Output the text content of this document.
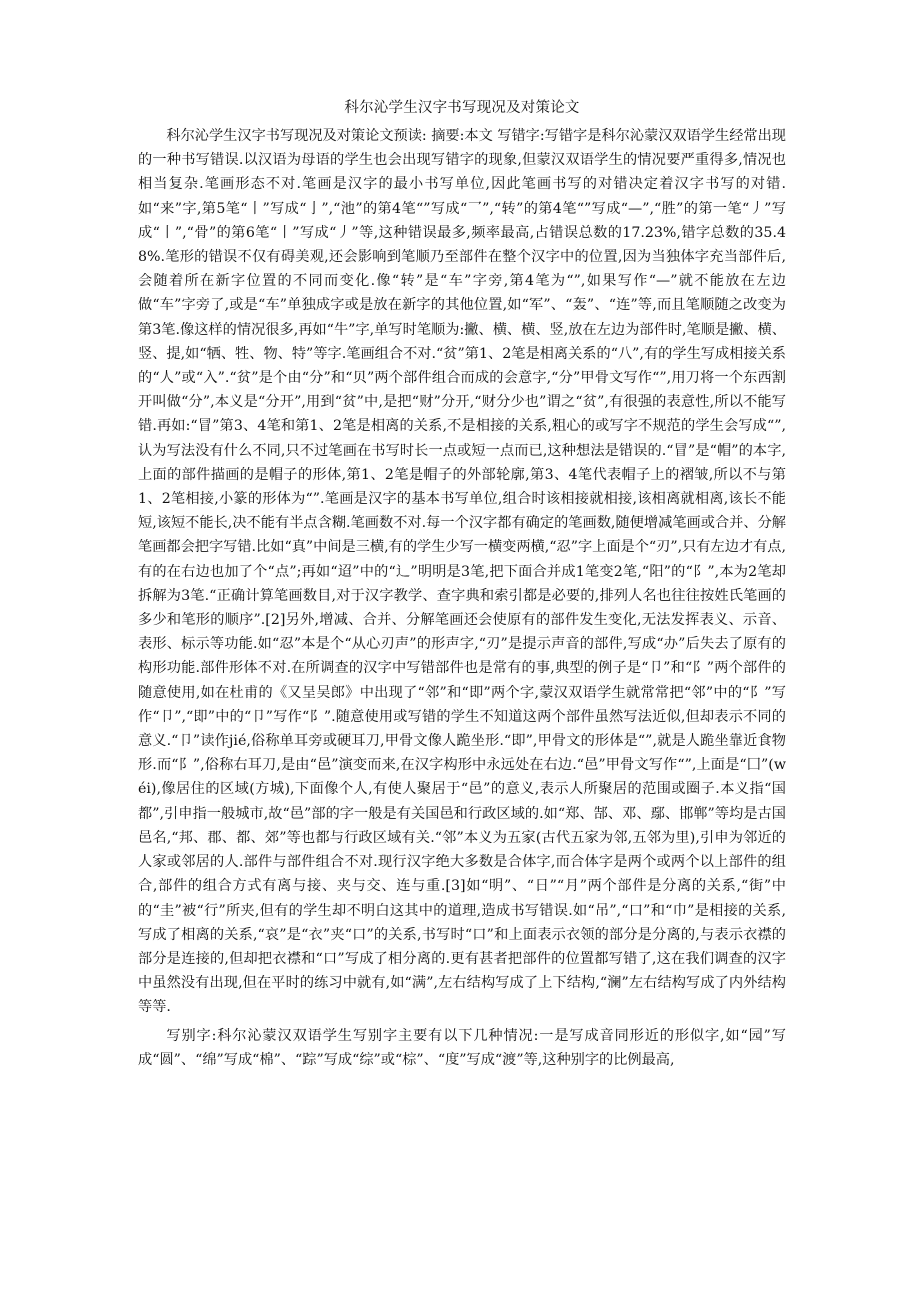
科尔沁学生汉字书写现况及对策论文

科尔沁学生汉字书写现况及对策论文预读: 摘要:本文 写错字:写错字是科尔沁蒙汉双语学生经常出现的一种书写错误.以汉语为母语的学生也会出现写错字的现象,但蒙汉双语学生的情况要严重得多,情况也相当复杂.笔画形态不对.笔画是汉字的最小书写单位,因此笔画书写的对错决定着汉字书写的对错.如“来”字,第5笔“丨”写成“亅”,“池”的第4笔“”写成“乛”,“转”的第4笔“”写成“—”,“胜”的第一笔“丿”写成“丨”,“骨”的第6笔“丨”写成“丿”等,这种错误最多,频率最高,占错误总数的17.23%,错字总数的35.48%.笔形的错误不仅有碍美观,还会影响到笔顺乃至部件在整个汉字中的位置,因为当独体字充当部件后,会随着所在新字位置的不同而变化.像“转”是“车”字旁,第4笔为“”,如果写作“—”就不能放在左边做“车”字旁了,或是“车”单独成字或是放在新字的其他位置,如“军”、“轰”、“连”等,而且笔顺随之改变为第3笔.像这样的情况很多,再如“牛”字,单写时笔顺为:撇、横、横、竖,放在左边为部件时,笔顺是撇、横、竖、提,如“牺、牲、物、特”等字.笔画组合不对.“贫”第1、2笔是相离关系的“八”,有的学生写成相接关系的“人”或“入”.“贫”是个由“分”和“贝”两个部件组合而成的会意字,“分”甲骨文写作“”,用刀将一个东西割开叫做“分”,本义是“分开”,用到“贫”中,是把“财”分开,“财分少也”谓之“贫”,有很强的表意性,所以不能写错.再如:“冒”第3、4笔和第1、2笔是相离的关系,不是相接的关系,粗心的或写字不规范的学生会写成“”,认为写法没有什么不同,只不过笔画在书写时长一点或短一点而已,这种想法是错误的.“冒”是“帽”的本字,上面的部件描画的是帽子的形体,第1、2笔是帽子的外部轮廓,第3、4笔代表帽子上的褶皱,所以不与第1、2笔相接,小篆的形体为“”.笔画是汉字的基本书写单位,组合时该相接就相接,该相离就相离,该长不能短,该短不能长,决不能有半点含糊.笔画数不对.每一个汉字都有确定的笔画数,随便增减笔画或合并、分解笔画都会把字写错.比如“真”中间是三横,有的学生少写一横变两横,“忍”字上面是个“刃”,只有左边才有点,有的在右边也加了个“点”;再如“迢”中的“辶”明明是3笔,把下面合并成1笔变2笔,“阳”的“阝”,本为2笔却拆解为3笔.“正确计算笔画数目,对于汉字教学、查字典和索引都是必要的,排列人名也往往按姓氏笔画的多少和笔形的顺序”.[2]另外,增减、合并、分解笔画还会使原有的部件发生变化,无法发挥表义、示音、表形、标示等功能.如“忍”本是个“从心刃声”的形声字,“刃”是提示声音的部件,写成“办”后失去了原有的构形功能.部件形体不对.在所调查的汉字中写错部件也是常有的事,典型的例子是“卩”和“阝”两个部件的随意使用,如在杜甫的《又呈吴郎》中出现了“邻”和“即”两个字,蒙汉双语学生就常常把“邻”中的“阝”写作“卩”,“即”中的“卩”写作“阝”.随意使用或写错的学生不知道这两个部件虽然写法近似,但却表示不同的意义.“卩”读作jié,俗称单耳旁或硬耳刀,甲骨文像人跪坐形.“即”,甲骨文的形体是“”,就是人跪坐靠近食物形.而“阝”,俗称右耳刀,是由“邑”演变而来,在汉字构形中永远处在右边.“邑”甲骨文写作“”,上面是“囗”(wéi),像居住的区域(方城),下面像个人,有使人聚居于“邑”的意义,表示人所聚居的范围或圈子.本义指“国都”,引申指一般城市,故“邑”部的字一般是有关国邑和行政区域的.如“郑、郜、邓、鄢、邯郸”等均是古国邑名,“邦、郡、都、郊”等也都与行政区域有关.“邻”本义为五家(古代五家为邻,五邻为里),引申为邻近的人家或邻居的人.部件与部件组合不对.现行汉字绝大多数是合体字,而合体字是两个或两个以上部件的组合,部件的组合方式有离与接、夹与交、连与重.[3]如“明”、“日”“月”两个部件是分离的关系,“街”中的“圭”被“行”所夹,但有的学生却不明白这其中的道理,造成书写错误.如“吊”,“口”和“巾”是相接的关系,写成了相离的关系,“哀”是“衣”夹“口”的关系,书写时“口”和上面表示衣领的部分是分离的,与表示衣襟的部分是连接的,但却把衣襟和“口”写成了相分离的.更有甚者把部件的位置都写错了,这在我们调查的汉字中虽然没有出现,但在平时的练习中就有,如“满”,左右结构写成了上下结构,“澜”左右结构写成了内外结构等等.

写别字:科尔沁蒙汉双语学生写别字主要有以下几种情况:一是写成音同形近的形似字,如“园”写成“圆”、“绵”写成“棉”、“踪”写成“综”或“棕”、“度”写成“渡”等,这种别字的比例最高,
